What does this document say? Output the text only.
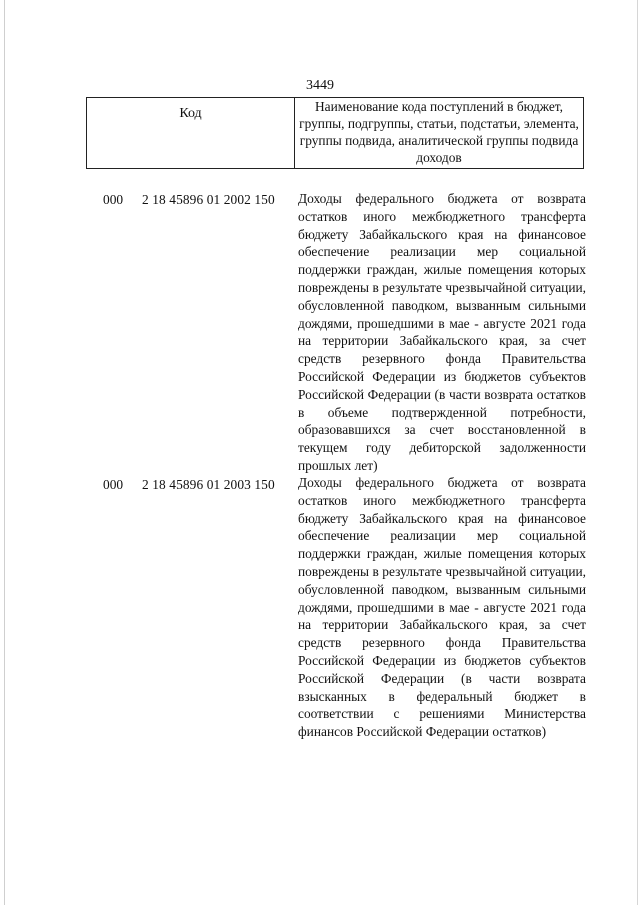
3449
Код	Наименование кода поступлений в бюджет, группы, подгруппы, статьи, подстатьи, элемента, группы подвида, аналитической группы подвида доходов
000 2 18 45896 01 2002 150 Доходы федерального бюджета от возврата остатков иного межбюджетного трансферта бюджету Забайкальского края на финансовое обеспечение реализации мер социальной поддержки граждан, жилые помещения которых повреждены в результате чрезвычайной ситуации, обусловленной паводком, вызванным сильными дождями, прошедшими в мае - августе 2021 года на территории Забайкальского края, за счет средств резервного фонда Правительства Российской Федерации из бюджетов субъектов Российской Федерации (в части возврата остатков в объеме подтвержденной потребности, образовавшихся за счет восстановленной в текущем году дебиторской задолженности прошлых лет)
000 2 18 45896 01 2003 150 Доходы федерального бюджета от возврата остатков иного межбюджетного трансферта бюджету Забайкальского края на финансовое обеспечение реализации мер социальной поддержки граждан, жилые помещения которых повреждены в результате чрезвычайной ситуации, обусловленной паводком, вызванным сильными дождями, прошедшими в мае - августе 2021 года на территории Забайкальского края, за счет средств резервного фонда Правительства Российской Федерации из бюджетов субъектов Российской Федерации (в части возврата взысканных в федеральный бюджет в соответствии с решениями Министерства финансов Российской Федерации остатков)
